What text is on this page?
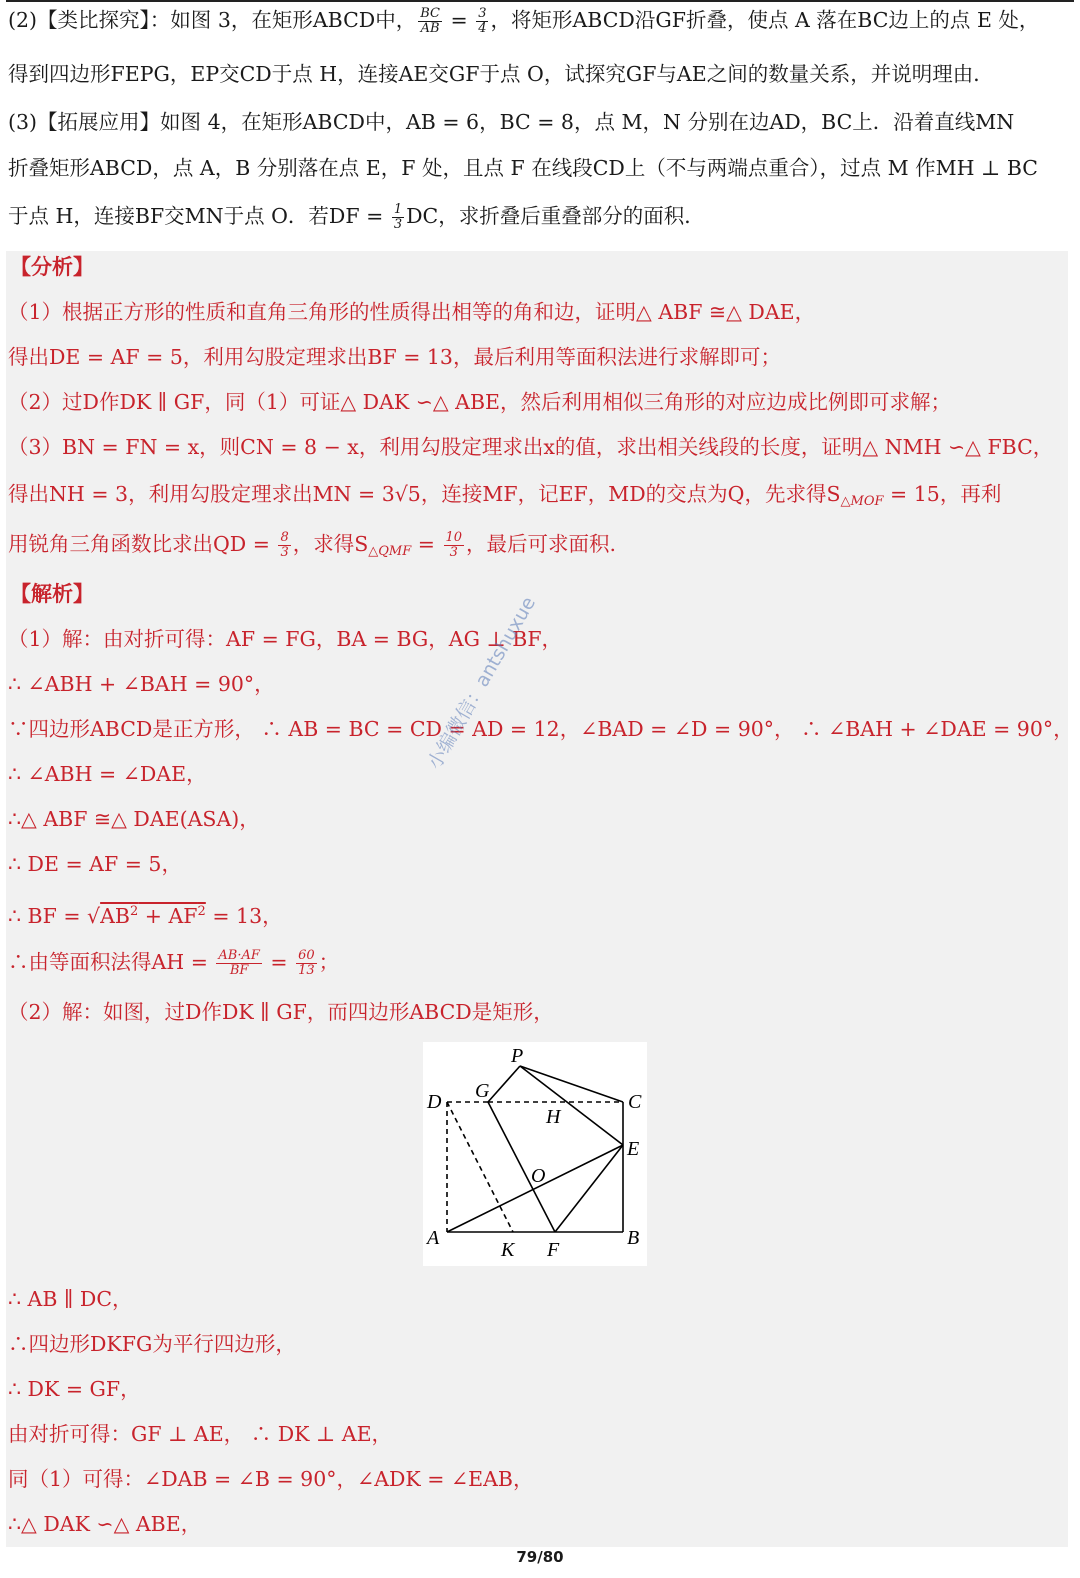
(2)【类比探究】：如图 3，在矩形ABCD中， $\frac{BC}{AB} = \frac{3}{4}$ ，将矩形ABCD沿GF折叠，使点 A 落在BC边上的点 E 处，
得到四边形FEPG，EP交CD于点 H，连接AE交GF于点 O，试探究GF与AE之间的数量关系，并说明理由．
(3)【拓展应用】如图 4，在矩形ABCD中，AB = 6，BC = 8，点 M，N 分别在边AD，BC上．沿着直线MN
折叠矩形ABCD，点 A，B 分别落在点 E，F 处，且点 F 在线段CD上（不与两端点重合），过点 M 作MH ⊥ BC
于点 H，连接BF交MN于点 O．若DF = $\frac{1}{3}$ DC，求折叠后重叠部分的面积．
【分析】
（1）根据正方形的性质和直角三角形的性质得出相等的角和边，证明△ ABF ≅△ DAE，
得出DE = AF = 5，利用勾股定理求出BF = 13，最后利用等面积法进行求解即可；
（2）过D作DK ∥ GF，同（1）可证△ DAK ∽△ ABE，然后利用相似三角形的对应边成比例即可求解；
（3）BN = FN = x，则CN = 8 − x，利用勾股定理求出x的值，求出相关线段的长度，证明△ NMH ∽△ FBC，
得出NH = 3，利用勾股定理求出MN = 3√5，连接MF，记EF，MD的交点为Q，先求得$S_{\triangle MOF} = 15$，再利
用锐角三角函数比求出QD = $\frac{8}{3}$ ，求得$S_{\triangle QMF} = \frac{10}{3}$ ，最后可求面积.
【解析】
（1）解：由对折可得：AF = FG，BA = BG，AG ⊥ BF，
∴ ∠ABH + ∠BAH = 90°，
∵四边形ABCD是正方形， ∴ AB = BC = CD = AD = 12，∠BAD = ∠D = 90°， ∴ ∠BAH + ∠DAE = 90°，
∴ ∠ABH = ∠DAE，
∴△ ABF ≅△ DAE(ASA)，
∴ DE = AF = 5，
∴ BF = $√AB^2 + AF^2 = 13$，
∴由等面积法得AH = $\frac{AB\cdot AF}{BF} = \frac{60}{13}$ ；
（2）解：如图，过D作DK ∥ GF，而四边形ABCD是矩形，
P
G
D
H
C
E
O
A
K F
B
∴ AB ∥ DC，
∴四边形DKFG为平行四边形，
∴ DK = GF，
由对折可得：GF ⊥ AE， ∴ DK ⊥ AE，
同（1）可得：∠DAB = ∠B = 90°，∠ADK = ∠EAB，
∴△ DAK ∽△ ABE，
小编微信：antshuxue
79/80
